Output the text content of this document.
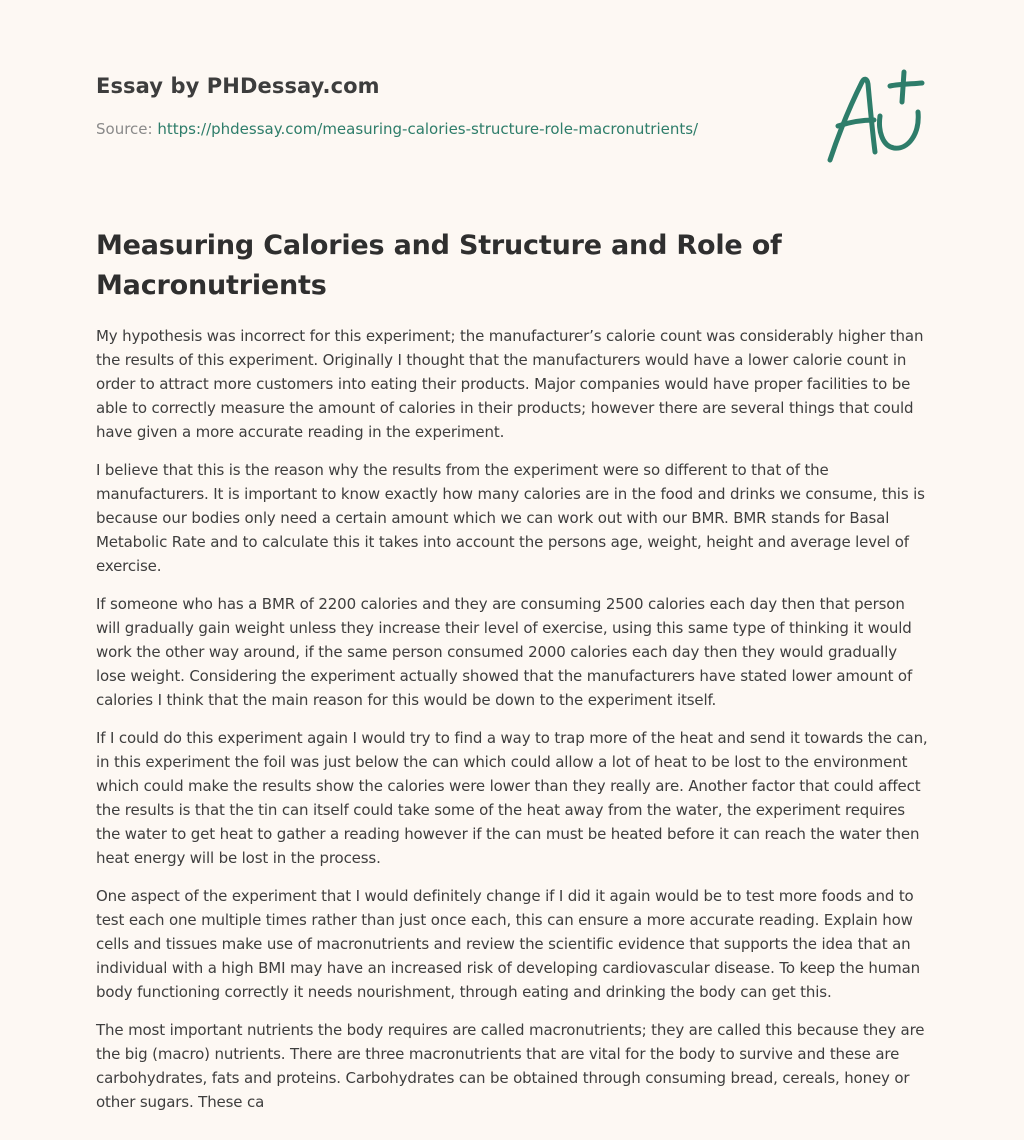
Essay by PHDessay.com
Source: https://phdessay.com/measuring-calories-structure-role-macronutrients/
Measuring Calories and Structure and Role of Macronutrients

My hypothesis was incorrect for this experiment; the manufacturer’s calorie count was considerably higher than the results of this experiment. Originally I thought that the manufacturers would have a lower calorie count in order to attract more customers into eating their products. Major companies would have proper facilities to be able to correctly measure the amount of calories in their products; however there are several things that could have given a more accurate reading in the experiment.

I believe that this is the reason why the results from the experiment were so different to that of the manufacturers. It is important to know exactly how many calories are in the food and drinks we consume, this is because our bodies only need a certain amount which we can work out with our BMR. BMR stands for Basal Metabolic Rate and to calculate this it takes into account the persons age, weight, height and average level of exercise.

If someone who has a BMR of 2200 calories and they are consuming 2500 calories each day then that person will gradually gain weight unless they increase their level of exercise, using this same type of thinking it would work the other way around, if the same person consumed 2000 calories each day then they would gradually lose weight. Considering the experiment actually showed that the manufacturers have stated lower amount of calories I think that the main reason for this would be down to the experiment itself.

If I could do this experiment again I would try to find a way to trap more of the heat and send it towards the can, in this experiment the foil was just below the can which could allow a lot of heat to be lost to the environment which could make the results show the calories were lower than they really are. Another factor that could affect the results is that the tin can itself could take some of the heat away from the water, the experiment requires the water to get heat to gather a reading however if the can must be heated before it can reach the water then heat energy will be lost in the process.

One aspect of the experiment that I would definitely change if I did it again would be to test more foods and to test each one multiple times rather than just once each, this can ensure a more accurate reading. Explain how cells and tissues make use of macronutrients and review the scientific evidence that supports the idea that an individual with a high BMI may have an increased risk of developing cardiovascular disease. To keep the human body functioning correctly it needs nourishment, through eating and drinking the body can get this.

The most important nutrients the body requires are called macronutrients; they are called this because they are the big (macro) nutrients. There are three macronutrients that are vital for the body to survive and these are carbohydrates, fats and proteins. Carbohydrates can be obtained through consuming bread, cereals, honey or other sugars. These ca
